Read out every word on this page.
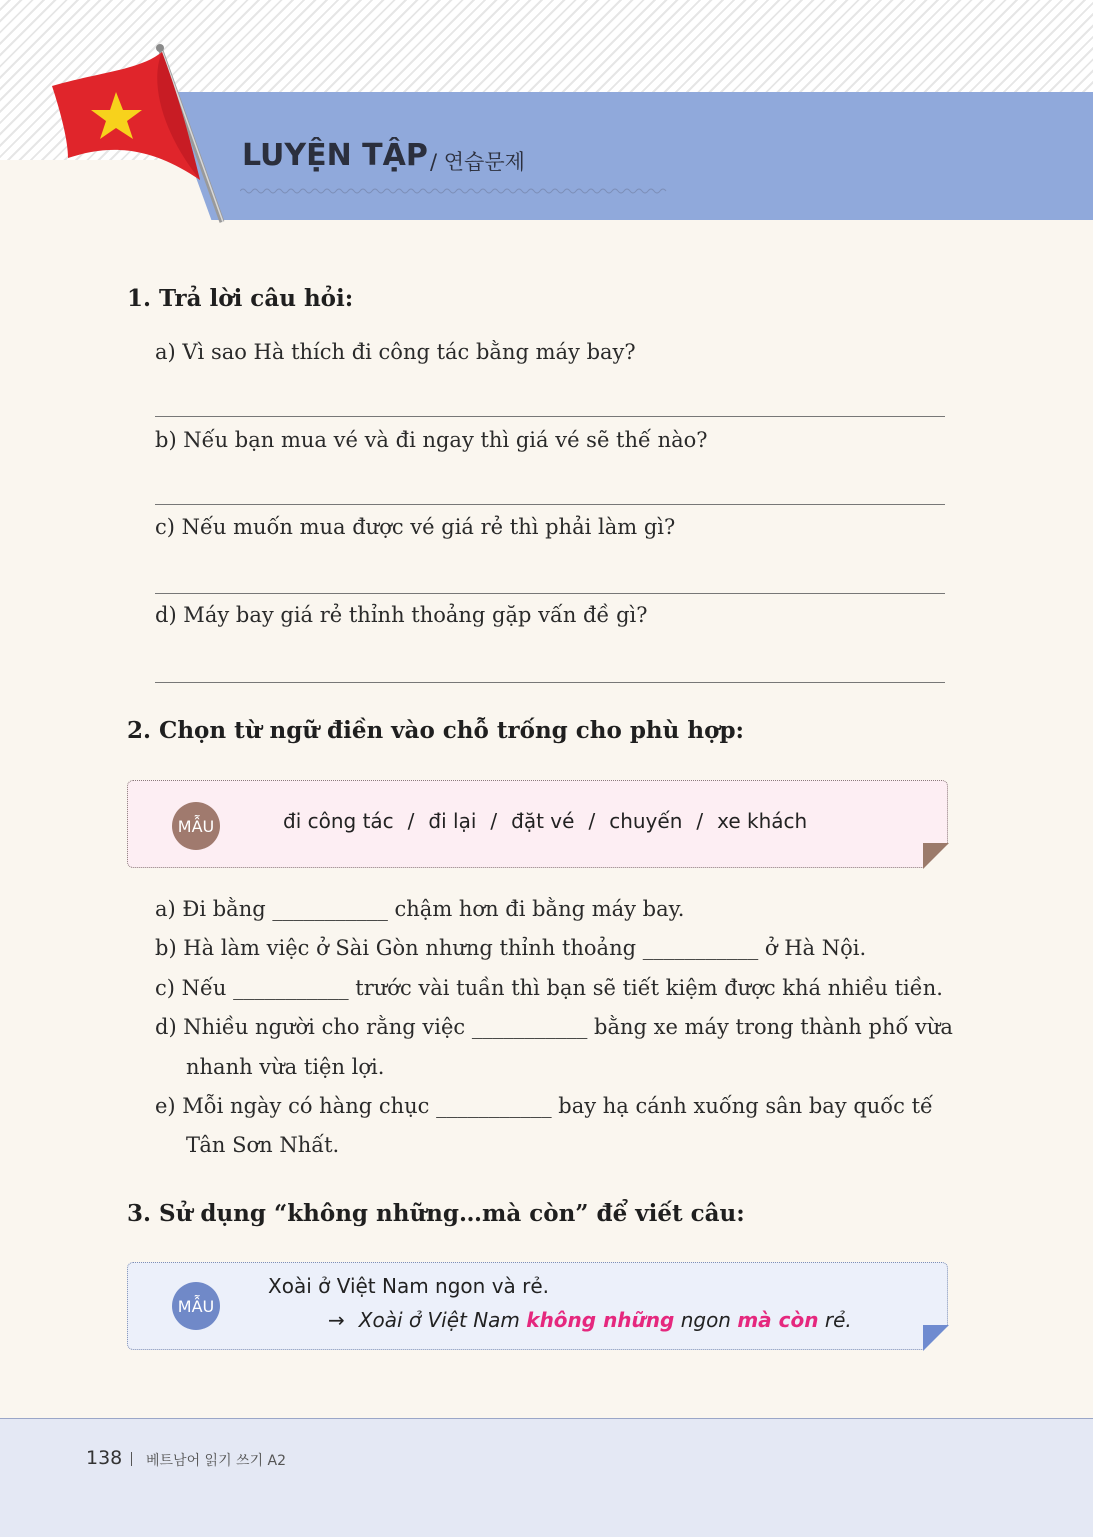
LUYỆN TẬP / 연습문제
1. Trả lời câu hỏi:
a) Vì sao Hà thích đi công tác bằng máy bay?
b) Nếu bạn mua vé và đi ngay thì giá vé sẽ thế nào?
c) Nếu muốn mua được vé giá rẻ thì phải làm gì?
d) Máy bay giá rẻ thỉnh thoảng gặp vấn đề gì?
2. Chọn từ ngữ điền vào chỗ trống cho phù hợp:
MẪU	đi công tác / đi lại / đặt vé / chuyến / xe khách
a) Đi bằng ___________ chậm hơn đi bằng máy bay.
b) Hà làm việc ở Sài Gòn nhưng thỉnh thoảng ___________ ở Hà Nội.
c) Nếu ___________ trước vài tuần thì bạn sẽ tiết kiệm được khá nhiều tiền.
d) Nhiều người cho rằng việc ___________ bằng xe máy trong thành phố vừa
nhanh vừa tiện lợi.
e) Mỗi ngày có hàng chục ___________ bay hạ cánh xuống sân bay quốc tế
Tân Sơn Nhất.
3. Sử dụng “không những…mà còn” để viết câu:
MẪU
Xoài ở Việt Nam ngon và rẻ.
→ Xoài ở Việt Nam không những ngon mà còn rẻ.
138 베트남어 읽기 쓰기 A2
